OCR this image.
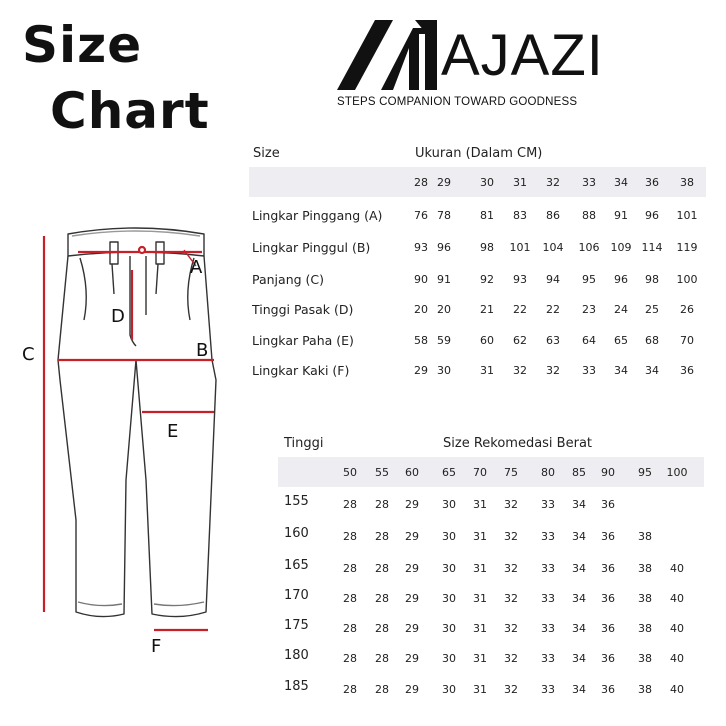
Size
Chart
AJAZI
STEPS COMPANION TOWARD GOODNESS
A
B
C
D
E
F
Size	Ukuran (Dalam CM)
Tinggi	Size Rekomedasi Berat
28 29	30	31	32	33	34	36	38
Lingkar Pinggang (A)	76 78	81	83	86	88	91	96	101
Lingkar Pinggul (B)	93 96	98	101	104	106	109 114	119
Panjang (C)	90 91	92	93	94	95	96	98	100
Tinggi Pasak (D)	20 20	21	22	22	23	24	25	26
Lingkar Paha (E)	58 59	60	62	63	64	65	68	70
Lingkar Kaki (F)	29 30	31	32	32	33	34	34	36
50	55	60	65	70	75	80	85	90	95	100
155	28	28	29	30	31	32	33	34	36
160	28	28	29	30	31	32	33	34	36	38
165	28	28	29	30	31	32	33	34	36	38	40
170	28	28	29	30	31	32	33	34	36	38	40
175	28	28	29	30	31	32	33	34	36	38	40
180	28	28	29	30	31	32	33	34	36	38	40
185	28	28	29	30	31	32	33	34	36	38	40
